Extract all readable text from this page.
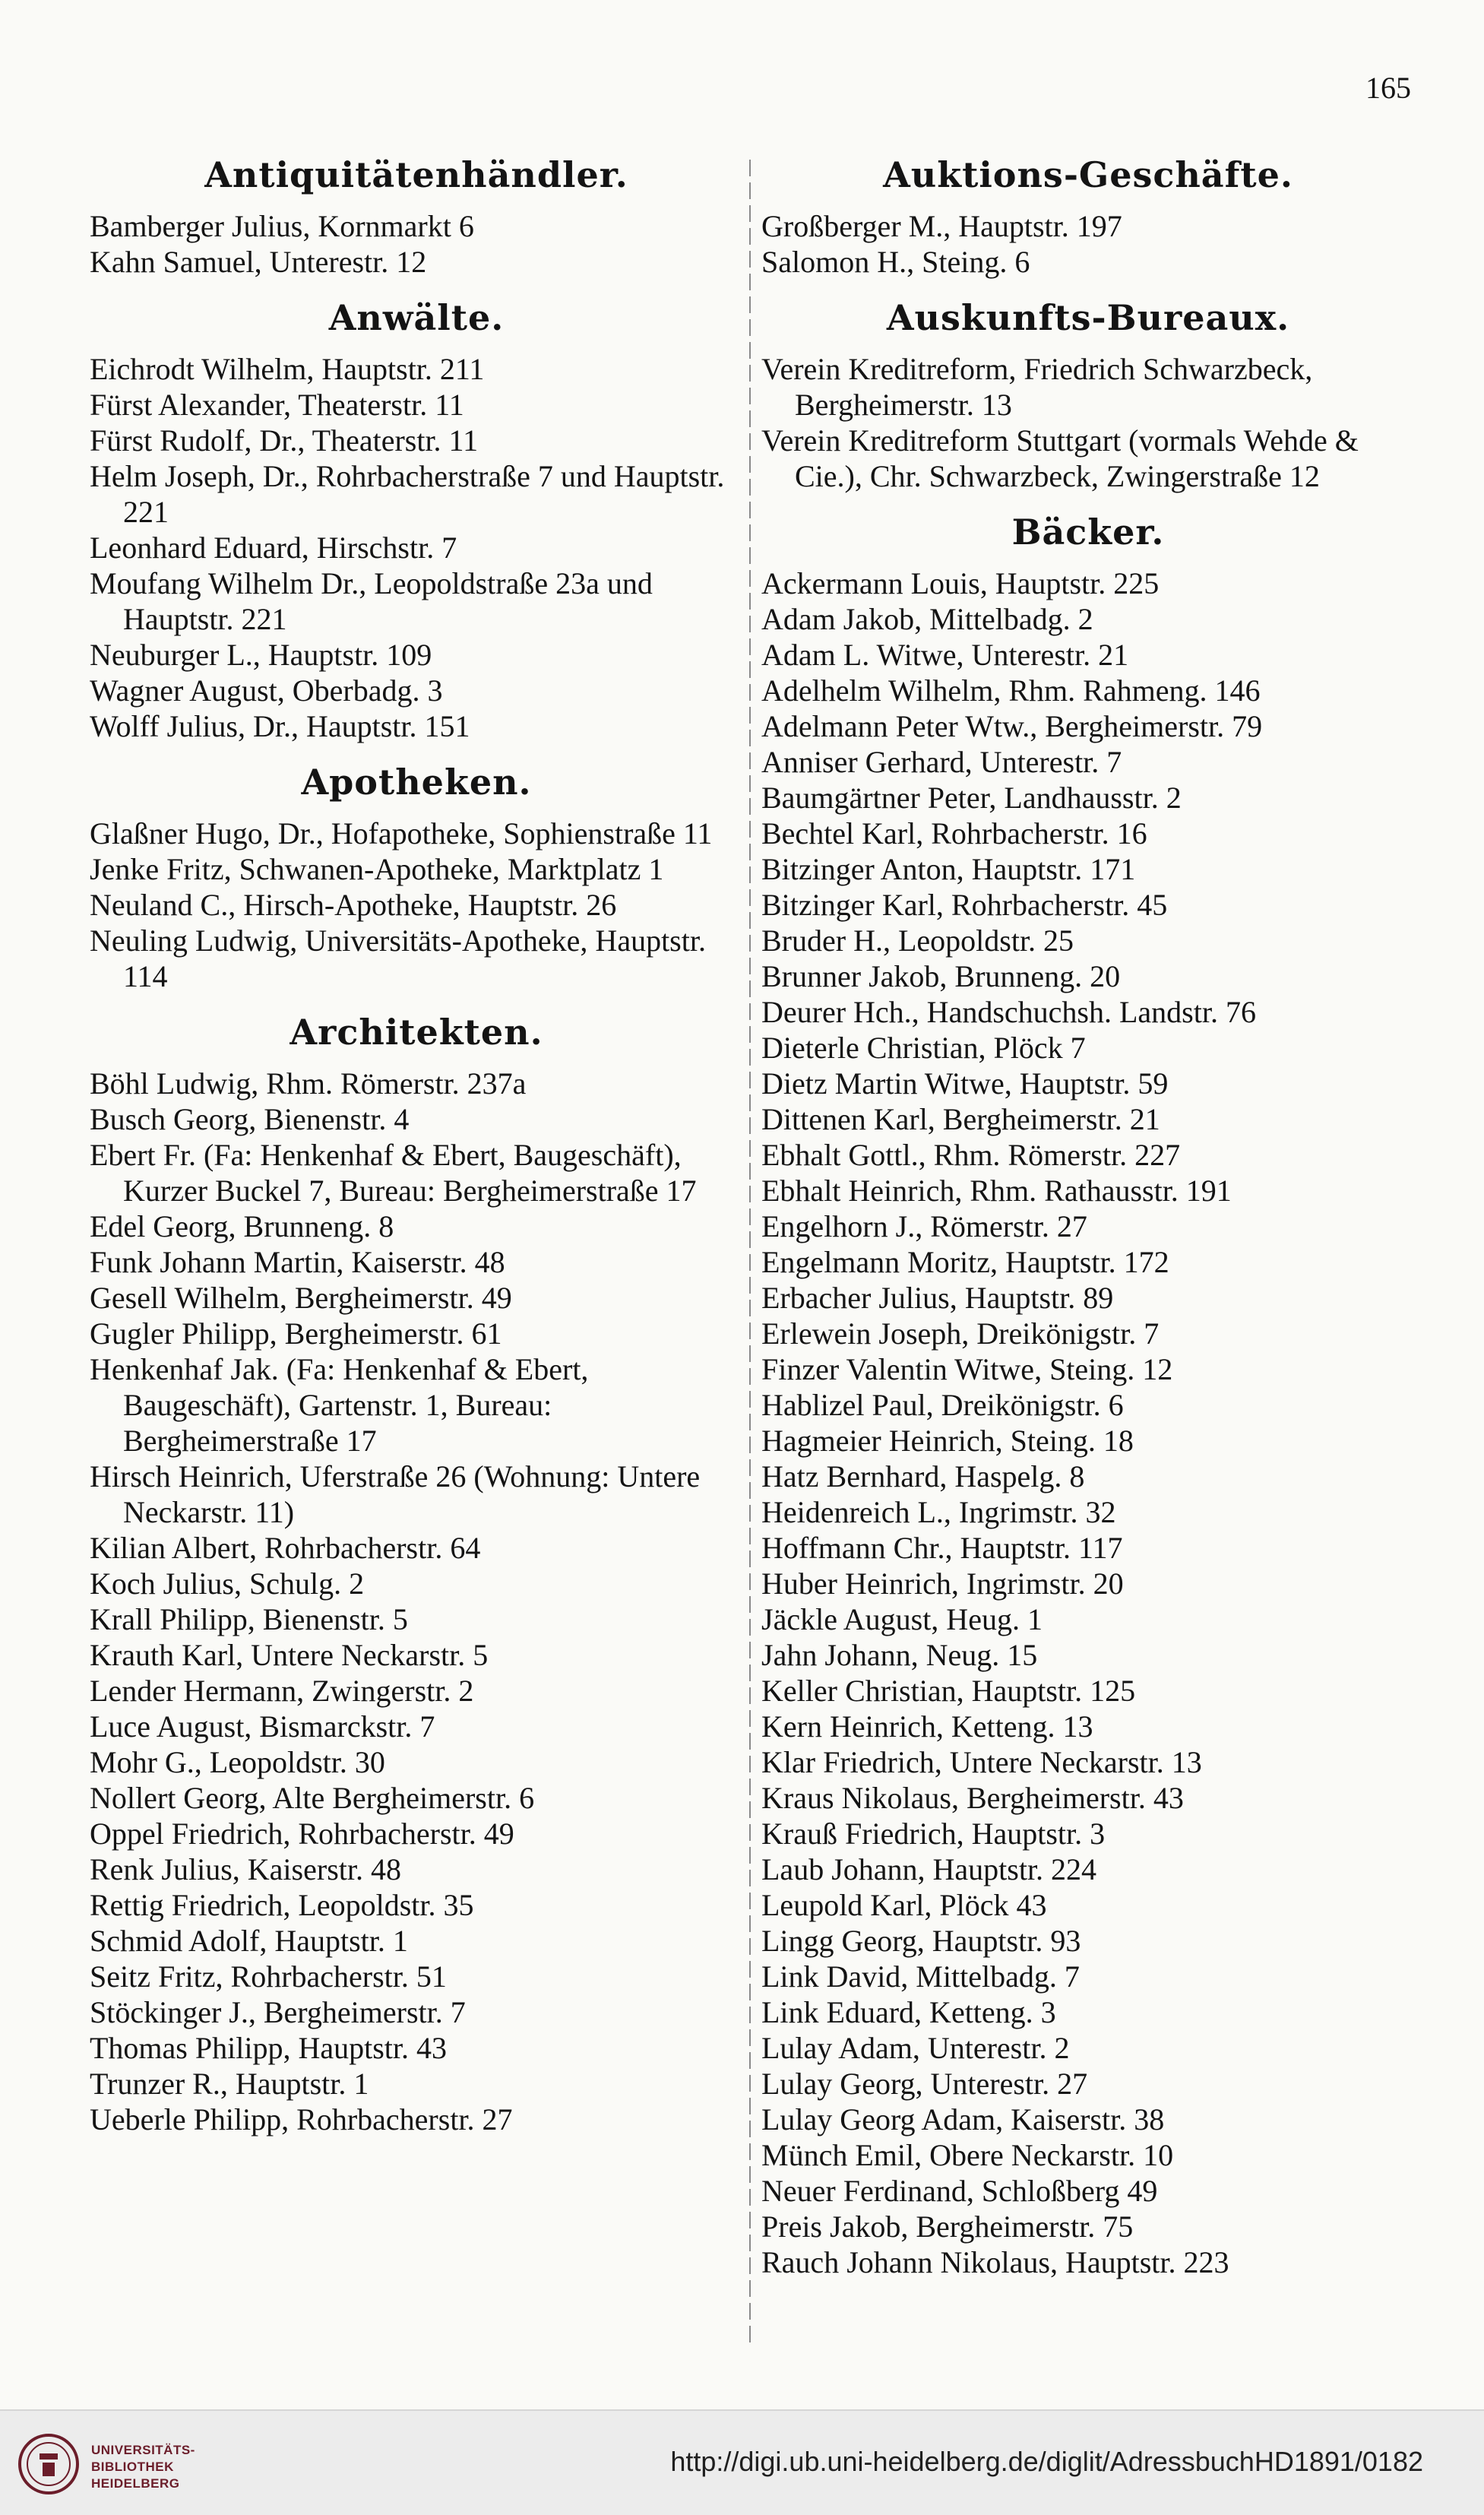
165
Antiquitätenhändler.
Bamberger Julius, Kornmarkt 6
Kahn Samuel, Unterestr. 12
Anwälte.
Eichrodt Wilhelm, Hauptstr. 211
Fürst Alexander, Theaterstr. 11
Fürst Rudolf, Dr., Theaterstr. 11
Helm Joseph, Dr., Rohrbacherstraße 7 und Hauptstr. 221
Leonhard Eduard, Hirschstr. 7
Moufang Wilhelm Dr., Leopoldstraße 23a und Hauptstr. 221
Neuburger L., Hauptstr. 109
Wagner August, Oberbadg. 3
Wolff Julius, Dr., Hauptstr. 151
Apotheken.
Glaßner Hugo, Dr., Hofapotheke, Sophienstraße 11
Jenke Fritz, Schwanen-Apotheke, Marktplatz 1
Neuland C., Hirsch-Apotheke, Hauptstr. 26
Neuling Ludwig, Universitäts-Apotheke, Hauptstr. 114
Architekten.
Böhl Ludwig, Rhm. Römerstr. 237a
Busch Georg, Bienenstr. 4
Ebert Fr. (Fa: Henkenhaf & Ebert, Baugeschäft), Kurzer Buckel 7, Bureau: Bergheimerstraße 17
Edel Georg, Brunneng. 8
Funk Johann Martin, Kaiserstr. 48
Gesell Wilhelm, Bergheimerstr. 49
Gugler Philipp, Bergheimerstr. 61
Henkenhaf Jak. (Fa: Henkenhaf & Ebert, Baugeschäft), Gartenstr. 1, Bureau: Bergheimerstraße 17
Hirsch Heinrich, Uferstraße 26 (Wohnung: Untere Neckarstr. 11)
Kilian Albert, Rohrbacherstr. 64
Koch Julius, Schulg. 2
Krall Philipp, Bienenstr. 5
Krauth Karl, Untere Neckarstr. 5
Lender Hermann, Zwingerstr. 2
Luce August, Bismarckstr. 7
Mohr G., Leopoldstr. 30
Nollert Georg, Alte Bergheimerstr. 6
Oppel Friedrich, Rohrbacherstr. 49
Renk Julius, Kaiserstr. 48
Rettig Friedrich, Leopoldstr. 35
Schmid Adolf, Hauptstr. 1
Seitz Fritz, Rohrbacherstr. 51
Stöckinger J., Bergheimerstr. 7
Thomas Philipp, Hauptstr. 43
Trunzer R., Hauptstr. 1
Ueberle Philipp, Rohrbacherstr. 27
Auktions-Geschäfte.
Großberger M., Hauptstr. 197
Salomon H., Steing. 6
Auskunfts-Bureaux.
Verein Kreditreform, Friedrich Schwarzbeck, Bergheimerstr. 13
Verein Kreditreform Stuttgart (vormals Wehde & Cie.), Chr. Schwarzbeck, Zwingerstraße 12
Bäcker.
Ackermann Louis, Hauptstr. 225
Adam Jakob, Mittelbadg. 2
Adam L. Witwe, Unterestr. 21
Adelhelm Wilhelm, Rhm. Rahmeng. 146
Adelmann Peter Wtw., Bergheimerstr. 79
Anniser Gerhard, Unterestr. 7
Baumgärtner Peter, Landhausstr. 2
Bechtel Karl, Rohrbacherstr. 16
Bitzinger Anton, Hauptstr. 171
Bitzinger Karl, Rohrbacherstr. 45
Bruder H., Leopoldstr. 25
Brunner Jakob, Brunneng. 20
Deurer Hch., Handschuchsh. Landstr. 76
Dieterle Christian, Plöck 7
Dietz Martin Witwe, Hauptstr. 59
Dittenen Karl, Bergheimerstr. 21
Ebhalt Gottl., Rhm. Römerstr. 227
Ebhalt Heinrich, Rhm. Rathausstr. 191
Engelhorn J., Römerstr. 27
Engelmann Moritz, Hauptstr. 172
Erbacher Julius, Hauptstr. 89
Erlewein Joseph, Dreikönigstr. 7
Finzer Valentin Witwe, Steing. 12
Hablizel Paul, Dreikönigstr. 6
Hagmeier Heinrich, Steing. 18
Hatz Bernhard, Haspelg. 8
Heidenreich L., Ingrimstr. 32
Hoffmann Chr., Hauptstr. 117
Huber Heinrich, Ingrimstr. 20
Jäckle August, Heug. 1
Jahn Johann, Neug. 15
Keller Christian, Hauptstr. 125
Kern Heinrich, Ketteng. 13
Klar Friedrich, Untere Neckarstr. 13
Kraus Nikolaus, Bergheimerstr. 43
Krauß Friedrich, Hauptstr. 3
Laub Johann, Hauptstr. 224
Leupold Karl, Plöck 43
Lingg Georg, Hauptstr. 93
Link David, Mittelbadg. 7
Link Eduard, Ketteng. 3
Lulay Adam, Unterestr. 2
Lulay Georg, Unterestr. 27
Lulay Georg Adam, Kaiserstr. 38
Münch Emil, Obere Neckarstr. 10
Neuer Ferdinand, Schloßberg 49
Preis Jakob, Bergheimerstr. 75
Rauch Johann Nikolaus, Hauptstr. 223
UNIVERSITÄTS-
BIBLIOTHEK
HEIDELBERG
http://digi.ub.uni-heidelberg.de/diglit/AdressbuchHD1891/0182
